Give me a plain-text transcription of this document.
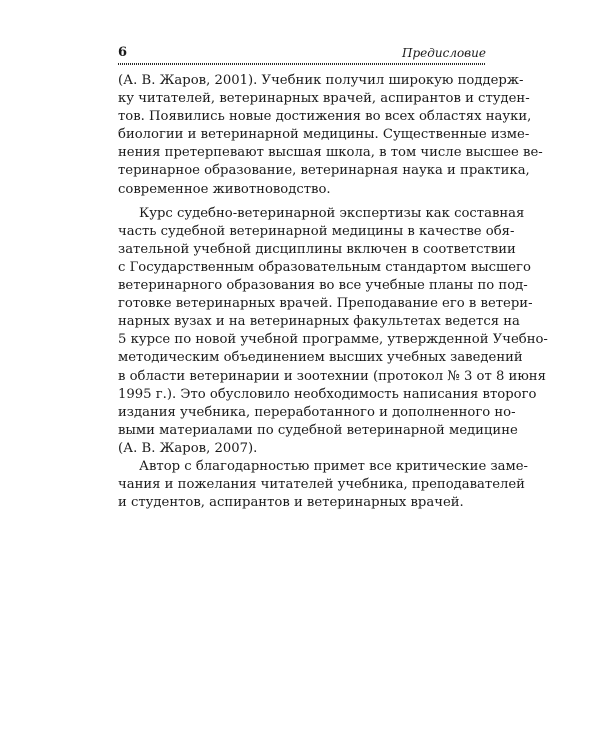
6	Предисловие
(А. В. Жаров, 2001). Учебник получил широкую поддерж-
ку читателей, ветеринарных врачей, аспирантов и студен-
тов. Появились новые достижения во всех областях науки,
биологии и ветеринарной медицины. Существенные изме-
нения претерпевают высшая школа, в том числе высшее ве-
теринарное образование, ветеринарная наука и практика,
современное животноводство.
Курс судебно-ветеринарной экспертизы как составная
часть судебной ветеринарной медицины в качестве обя-
зательной учебной дисциплины включен в соответствии
с Государственным образовательным стандартом высшего
ветеринарного образования во все учебные планы по под-
готовке ветеринарных врачей. Преподавание его в ветери-
нарных вузах и на ветеринарных факультетах ведется на
5 курсе по новой учебной программе, утвержденной Учебно-
методическим объединением высших учебных заведений
в области ветеринарии и зоотехнии (протокол № 3 от 8 июня
1995 г.). Это обусловило необходимость написания второго
издания учебника, переработанного и дополненного но-
выми материалами по судебной ветеринарной медицине
(А. В. Жаров, 2007).
Автор с благодарностью примет все критические заме-
чания и пожелания читателей учебника, преподавателей
и студентов, аспирантов и ветеринарных врачей.
